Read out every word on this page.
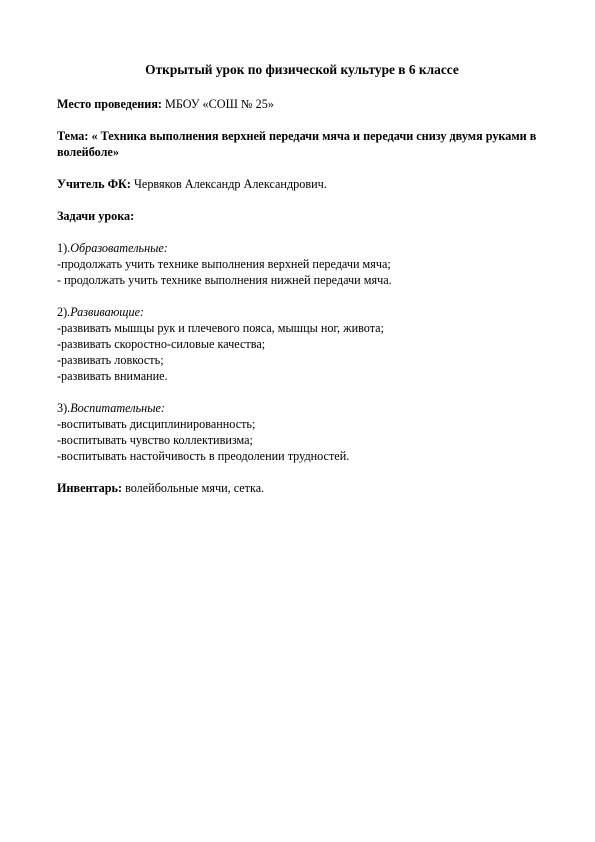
Открытый урок по физической культуре в 6 классе

Место проведения: МБОУ «СОШ № 25»

Тема: « Техника выполнения верхней передачи мяча и передачи снизу двумя руками в волейболе»

Учитель ФК: Червяков Александр Александрович.

Задачи урока:

1).Образовательные:

-продолжать учить технике выполнения верхней передачи мяча;

- продолжать учить технике выполнения нижней передачи мяча.

2).Развивающие:

-развивать мышцы рук и плечевого пояса, мышцы ног, живота;

-развивать скоростно-силовые качества;

-развивать ловкость;

-развивать внимание.

3).Воспитательные:

-воспитывать дисциплинированность;

-воспитывать чувство коллективизма;

-воспитывать настойчивость в преодолении трудностей.

Инвентарь: волейбольные мячи, сетка.
